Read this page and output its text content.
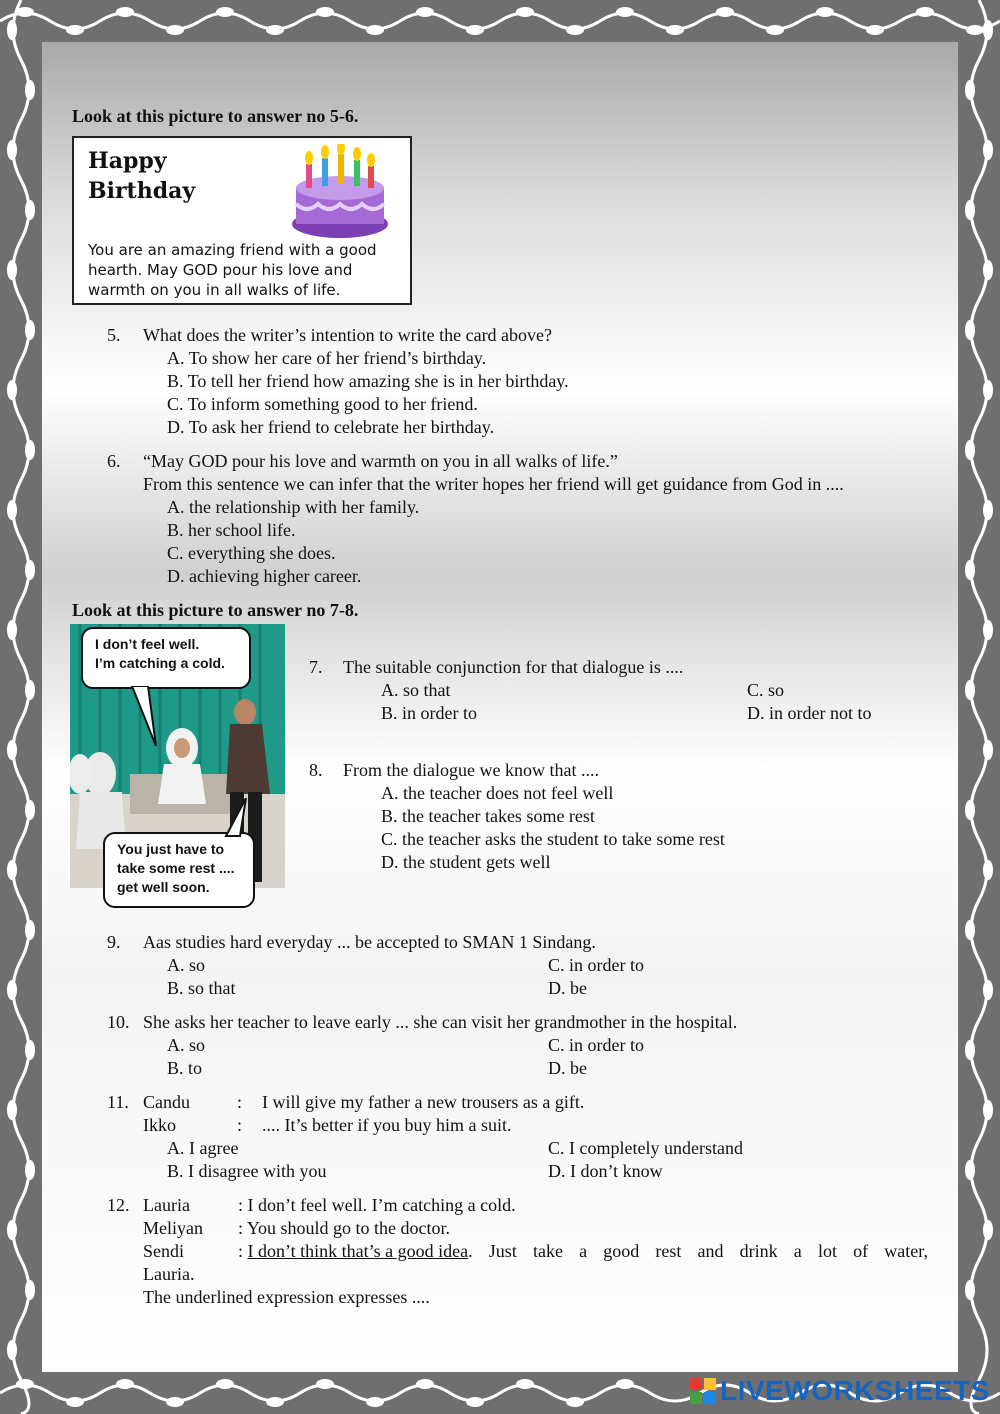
Look at this picture to answer no 5-6.
Happy
Birthday
You are an amazing friend with a good hearth. May GOD pour his love and warmth on you in all walks of life.
5. What does the writer’s intention to write the card above?
A. To show her care of her friend’s birthday.
B. To tell her friend how amazing she is in her birthday.
C. To inform something good to her friend.
D. To ask her friend to celebrate her birthday.
6. “May GOD pour his love and warmth on you in all walks of life.”
From this sentence we can infer that the writer hopes her friend will get guidance from God in ....
A. the relationship with her family.
B. her school life.
C. everything she does.
D. achieving higher career.
Look at this picture to answer no 7-8.
I don’t feel well.
I’m catching a cold.
You just have to
take some rest ....
get well soon.
7. The suitable conjunction for that dialogue is ....
A. so that	C. so
B. in order to	D. in order not to
8. From the dialogue we know that ....
A. the teacher does not feel well
B. the teacher takes some rest
C. the teacher asks the student to take some rest
D. the student gets well
9. Aas studies hard everyday ... be accepted to SMAN 1 Sindang.
A. so	C. in order to
B. so that	D. be
10. She asks her teacher to leave early ... she can visit her grandmother in the hospital.
A. so	C. in order to
B. to	D. be
11. Candu	: I will give my father a new trousers as a gift.
Ikko	: .... It’s better if you buy him a suit.
A. I agree	C. I completely understand
B. I disagree with you	D. I don’t know
12. Lauria	: I don’t feel well. I’m catching a cold.
Meliyan : You should go to the doctor.
Sendi	: I don’t think that’s a good idea . Just take a good rest and drink a lot of water,
Lauria.
The underlined expression expresses ....
LIVEWORKSHEETS
